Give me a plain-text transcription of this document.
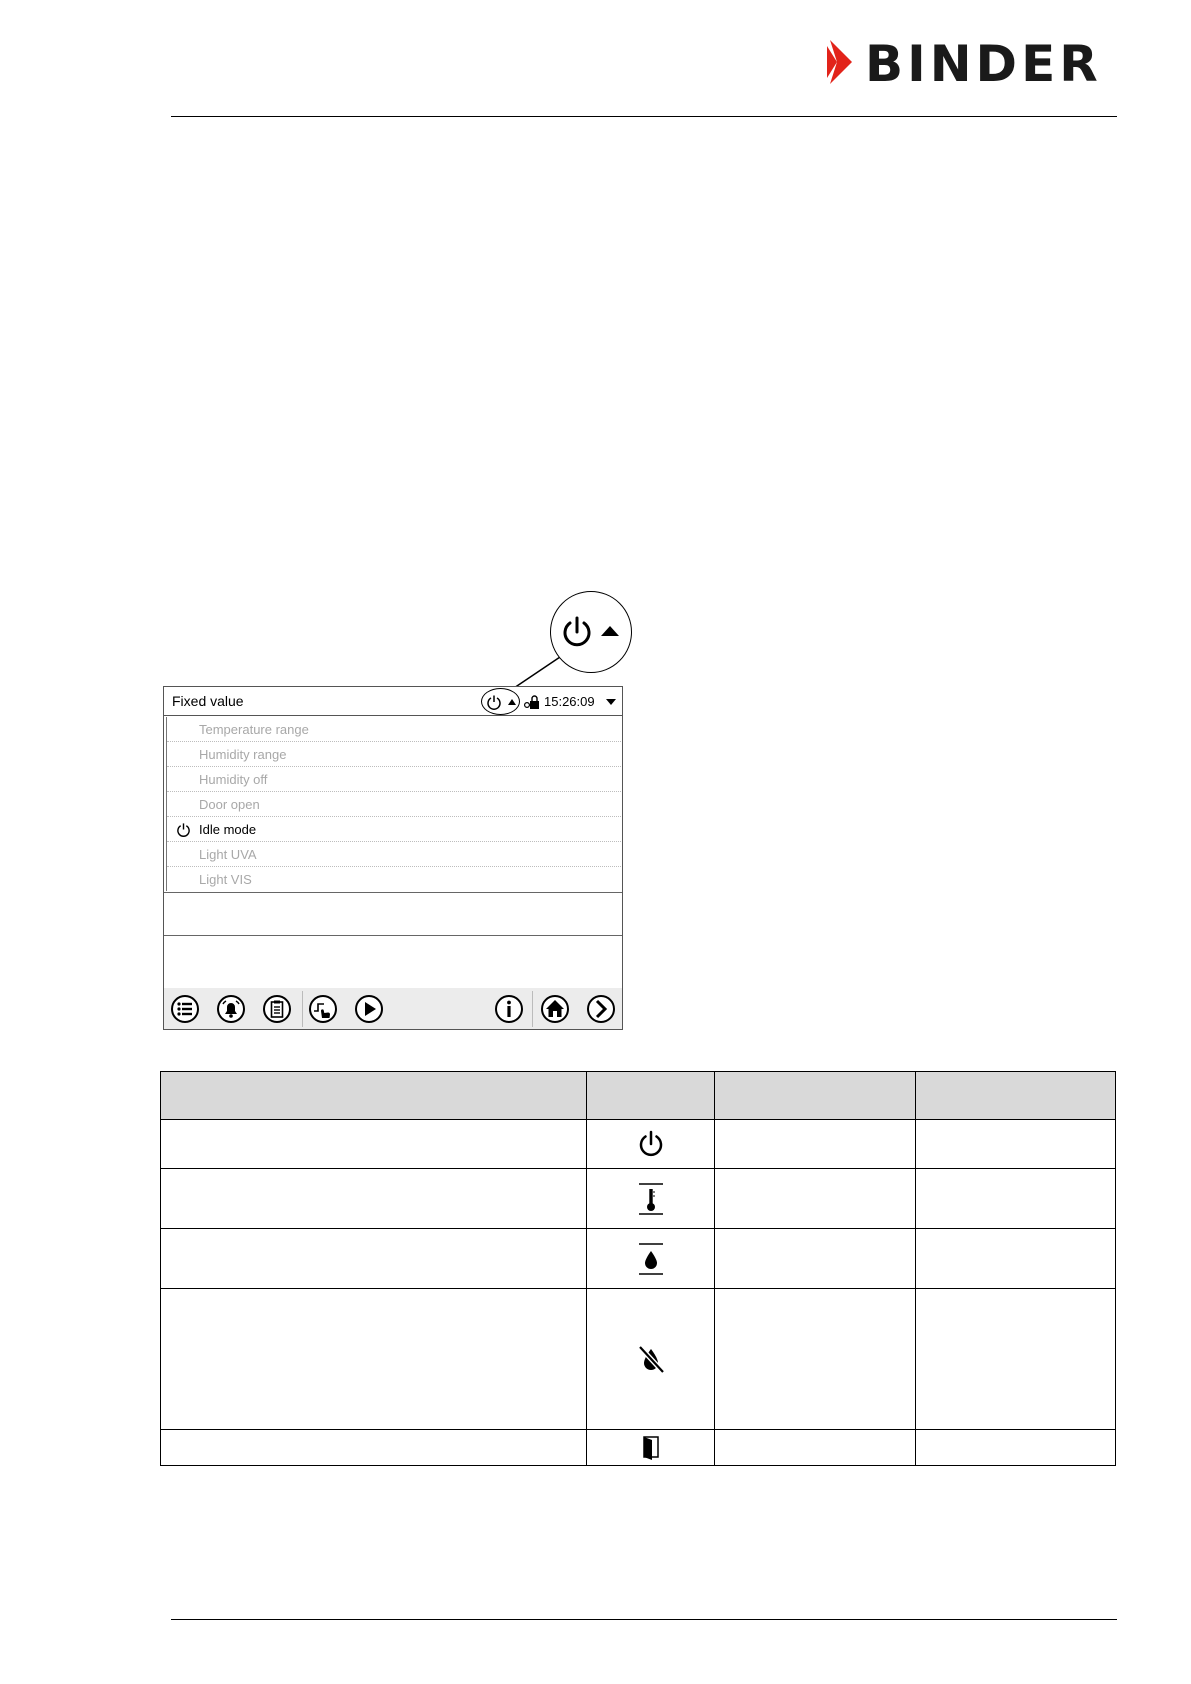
BINDER
Fixed value	15:26:09
Temperature range
Humidity range
Humidity off
Door open
Idle mode
Light UVA
Light VIS
